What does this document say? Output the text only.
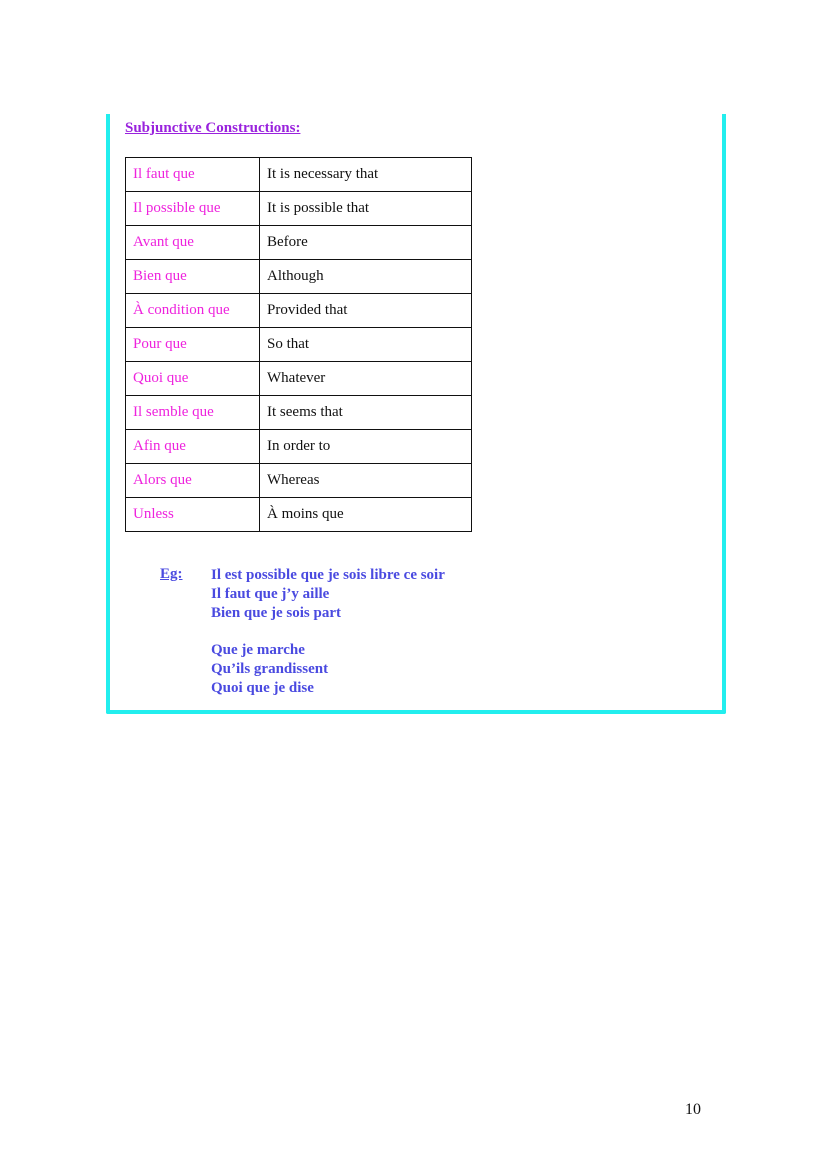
Subjunctive Constructions:
Il faut que	It is necessary that
Il possible que	It is possible that
Avant que	Before
Bien que	Although
À condition que	Provided that
Pour que	So that
Quoi que	Whatever
Il semble que	It seems that
Afin que	In order to
Alors que	Whereas
Unless	À moins que
Eg: Il est possible que je sois libre ce soir
Il faut que j’y aille
Bien que je sois part
Que je marche
Qu’ils grandissent
Quoi que je dise
10
